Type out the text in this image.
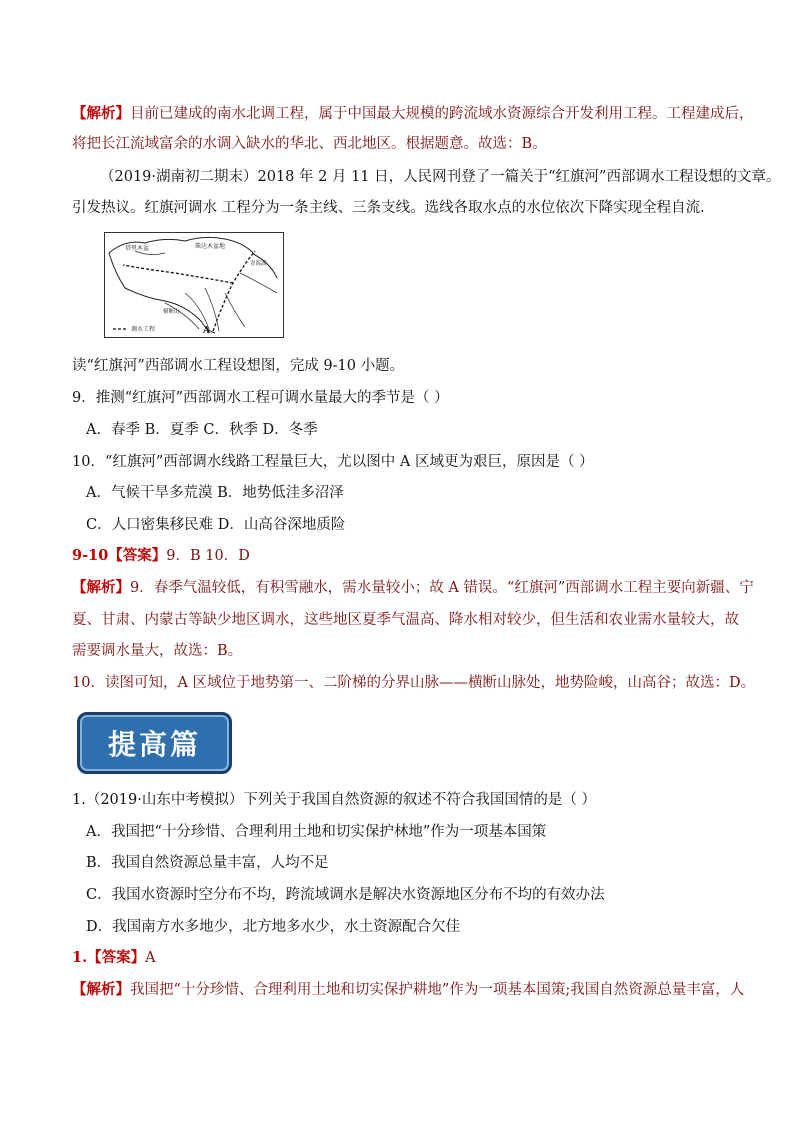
【解析】目前已建成的南水北调工程，属于中国最大规模的跨流域水资源综合开发利用工程。工程建成后，
将把长江流域富余的水调入缺水的华北、西北地区。根据题意。故选：B。
（2019·湖南初二期末）2018 年 2 月 11 日，人民网刊登了一篇关于“红旗河”西部调水工程设想的文章。
引发热议。红旗河调水 工程分为一条主线、三条支线。选线各取水点的水位依次下降实现全程自流.
调水工程
塔里木盆	柴达木盆地
青海湖
横断山
A
读“红旗河”西部调水工程设想图，完成 9-10 小题。
9．推测“红旗河”西部调水工程可调水量最大的季节是（ ）
A．春季 B．夏季 C．秋季 D．冬季
10．“红旗河”西部调水线路工程量巨大，尤以图中 A 区域更为艰巨，原因是（ ）
A．气候干旱多荒漠 B．地势低洼多沼泽
C．人口密集移民难 D．山高谷深地质险
9-10【答案】9．B 10．D
【解析】9．春季气温较低，有积雪融水，需水量较小；故 A 错误。“红旗河”西部调水工程主要向新疆、宁
夏、甘肃、内蒙古等缺少地区调水，这些地区夏季气温高、降水相对较少，但生活和农业需水量较大，故
需要调水量大，故选：B。
10．读图可知，A 区域位于地势第一、二阶梯的分界山脉——横断山脉处，地势险峻，山高谷；故选：D。
提高篇
1.（2019·山东中考模拟）下列关于我国自然资源的叙述不符合我国国情的是（ ）
A．我国把“十分珍惜、合理利用土地和切实保护林地”作为一项基本国策
B．我国自然资源总量丰富，人均不足
C．我国水资源时空分布不均，跨流域调水是解决水资源地区分布不均的有效办法
D．我国南方水多地少，北方地多水少，水土资源配合欠佳
1.【答案】A
【解析】我国把“十分珍惜、合理利用土地和切实保护耕地”作为一项基本国策;我国自然资源总量丰富，人
